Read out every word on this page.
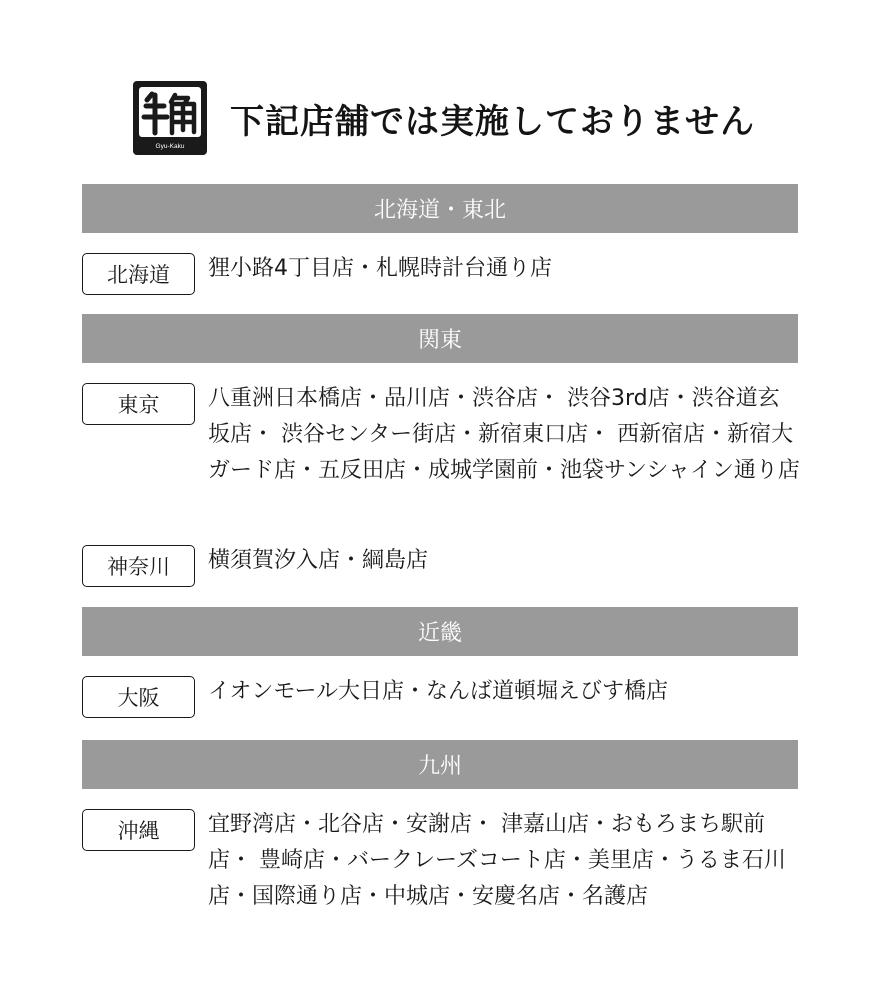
Gyu-Kaku
下記店舗では実施しておりません
北海道・東北
北海道	狸小路4丁目店・札幌時計台通り店
関東
東京	八重洲日本橋店・品川店・渋谷店・ 渋谷3rd店・渋谷道玄坂店・ 渋谷センター街店・新宿東口店・ 西新宿店・新宿大ガード店・五反田店・成城学園前・池袋サンシャイン通り店
神奈川	横須賀汐入店・綱島店
近畿
大阪	イオンモール大日店・なんば道頓堀えびす橋店
九州
沖縄	宜野湾店・北谷店・安謝店・ 津嘉山店・おもろまち駅前店・ 豊崎店・バークレーズコート店・美里店・うるま石川店・国際通り店・中城店・安慶名店・名護店
